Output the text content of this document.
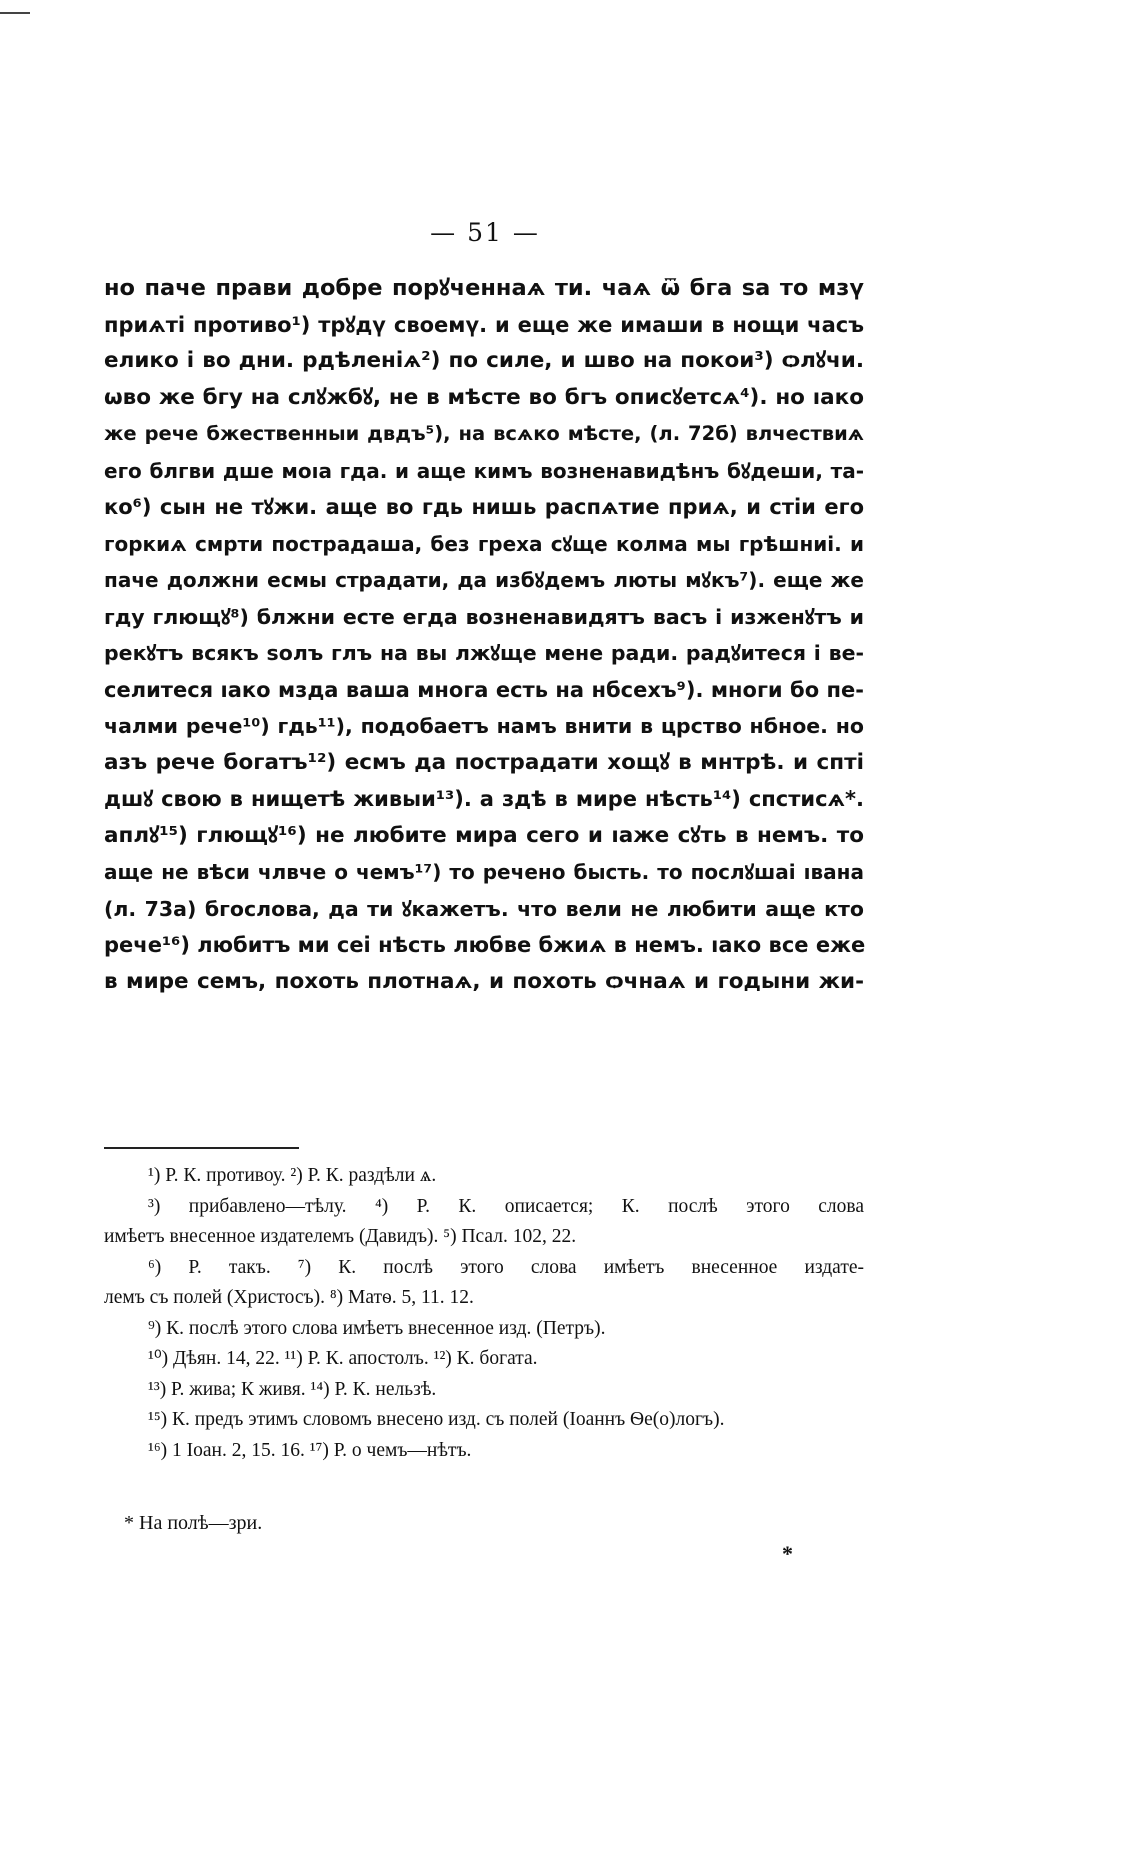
— 51 —
но паче прави добре порꙋченнаѧ ти. чаѧ ѿ бга ѕа то мзү
приѧті противо¹) трꙋдү своемү. и еще же имаши в нощи часъ
елико і во дни. рдѣленіѧ²) по силе, и шво на покои³) ѻлꙋчи.
ѡво же бгу на слꙋжбꙋ, не в мѣсте во бгъ описꙋетсѧ⁴). но ıако
же рече бжественныи двдъ⁵), на всѧко мѣсте, (л. 72б) влчествиѧ
его блгви дше моıа гда. и аще кимъ возненавидѣнъ бꙋдеши, та-
ко⁶) сын не тꙋжи. аще во гдь нишь распѧтие приѧ, и стіи его
горкиѧ смрти пострадаша, без греха сꙋще колма мы грѣшниі. и
паче должни есмы страдати, да избꙋдемъ люты мꙋкъ⁷). еще же
гду глющꙋ⁸) блжни есте егда возненавидятъ васъ і изженꙋтъ и
рекꙋтъ всякъ ѕолъ глъ на вы лжꙋще мене ради. радꙋитеся і ве-
селитеся ıако мзда ваша многа есть на нбсехъ⁹). многи бо пе-
чалми рече¹⁰) гдь¹¹), подобаетъ намъ внити в црство нбное. но
азъ рече богатъ¹²) есмъ да пострадати хощꙋ в мнтрѣ. и спті
дшꙋ свою в нищетѣ живыи¹³). а здѣ в мире нѣсть¹⁴) спстисѧ*.
аплꙋ¹⁵) глющꙋ¹⁶) не любите мира сего и ıаже сꙋть в немъ. то
аще не вѣси члвче о чемъ¹⁷) то речено бысть. то послꙋшаі ıвана
(л. 73а) бгослова, да ти ꙋкажетъ. что вели не любити аще кто
рече¹⁶) любитъ ми сеі нѣсть любве бжиѧ в немъ. ıако все еже
в мире семъ, похоть плотнаѧ, и похоть ѻчнаѧ и годыни жи-
¹) Р. К. противоу. ²) Р. К. раздѣли ѧ.
³) прибавлено—тѣлу. ⁴) Р. К. описается; К. послѣ этого слова
имѣетъ внесенное издателемъ (Давидъ). ⁵) Псал. 102, 22.
⁶) Р. такъ. ⁷) К. послѣ этого слова имѣетъ внесенное издате-
лемъ съ полей (Христосъ). ⁸) Матѳ. 5, 11. 12.
⁹) К. послѣ этого слова имѣетъ внесенное изд. (Петръ).
¹⁰) Дѣян. 14, 22. ¹¹) Р. К. апостолъ. ¹²) К. богата.
¹³) Р. жива; К живя. ¹⁴) Р. К. нельзѣ.
¹⁵) К. предъ этимъ словомъ внесено изд. съ полей (Іоаннъ Ѳе(о)логъ).
¹⁶) 1 Іоан. 2, 15. 16. ¹⁷) Р. о чемъ—нѣтъ.
* На полѣ—зри.
*
